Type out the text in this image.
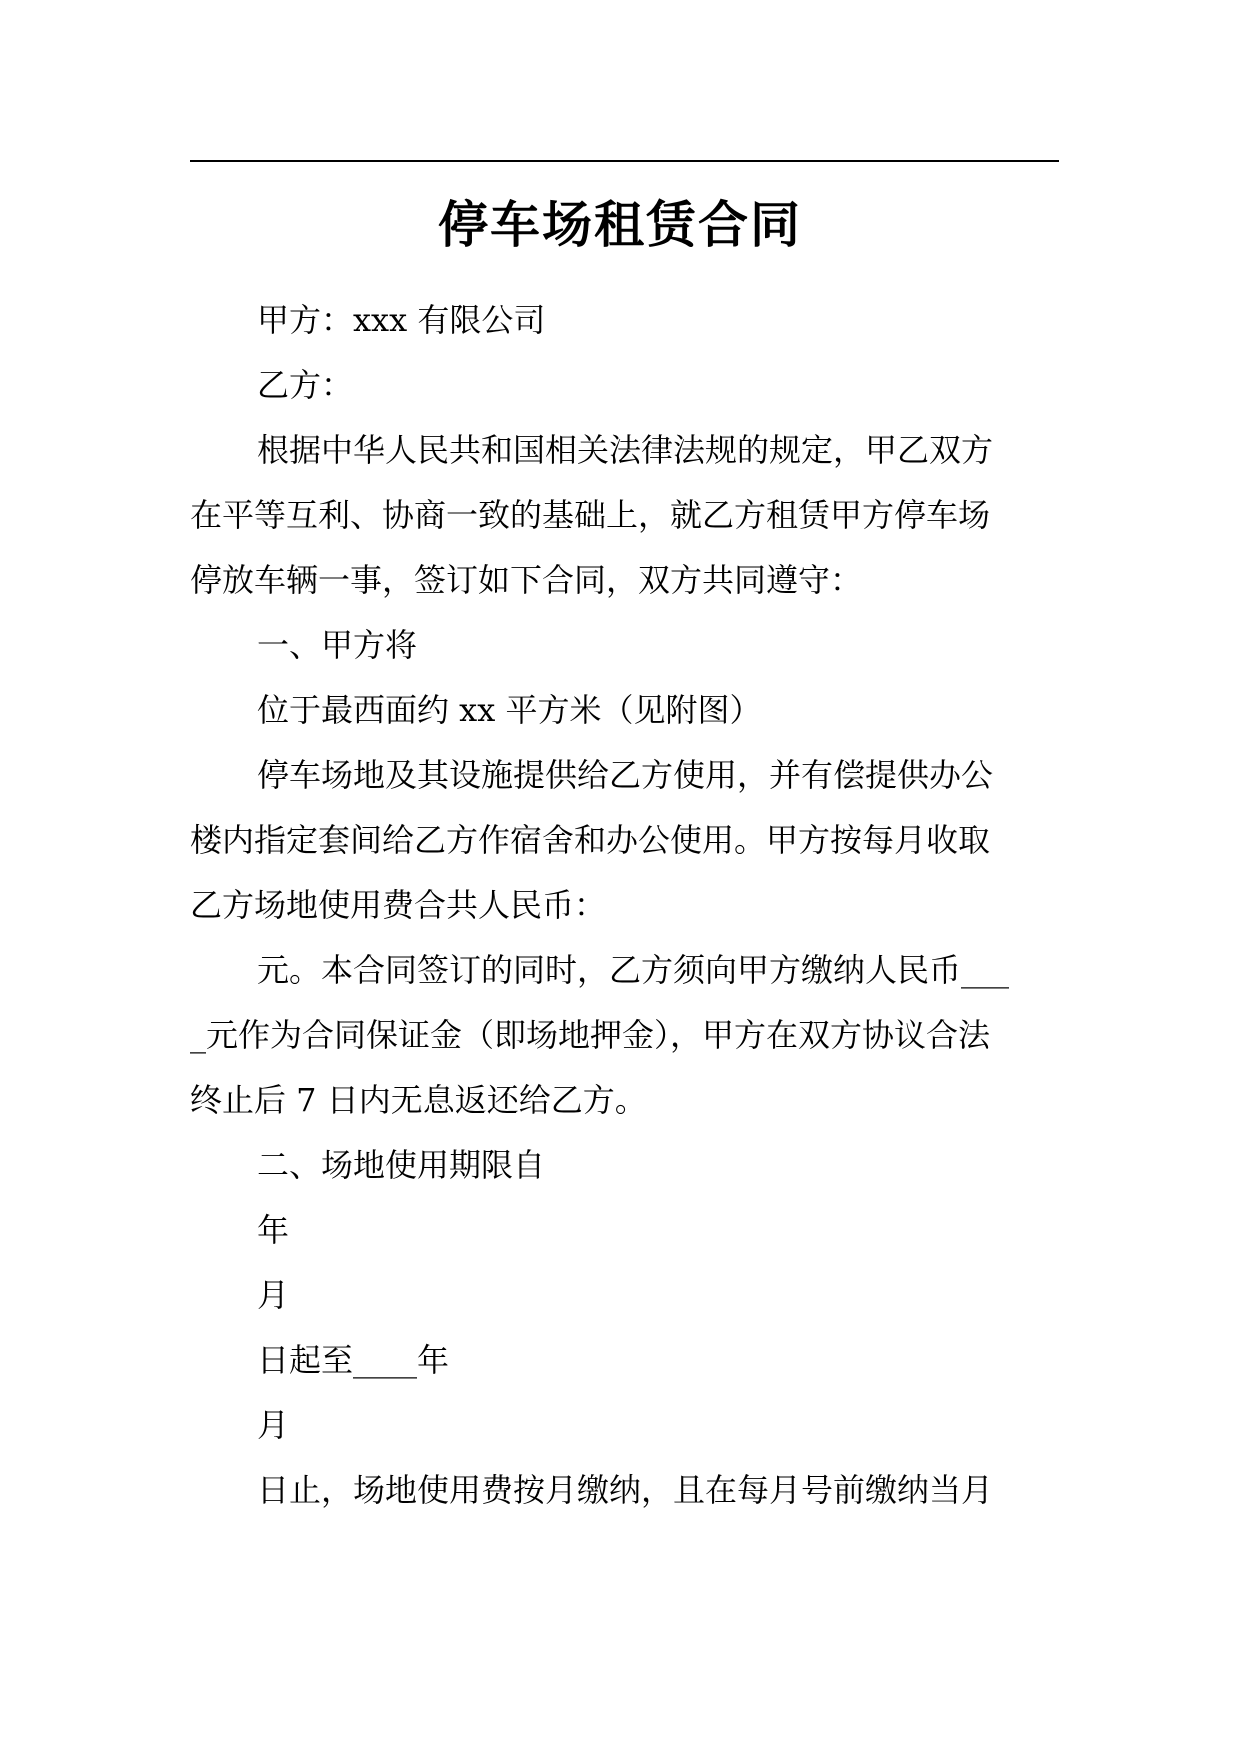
停车场租赁合同
甲方：xxx 有限公司
乙方：
根据中华人民共和国相关法律法规的规定，甲乙双方
在平等互利、协商一致的基础上，就乙方租赁甲方停车场
停放车辆一事，签订如下合同，双方共同遵守：
一、甲方将
位于最西面约 xx 平方米（见附图）
停车场地及其设施提供给乙方使用，并有偿提供办公
楼内指定套间给乙方作宿舍和办公使用。甲方按每月收取
乙方场地使用费合共人民币：
元。本合同签订的同时，乙方须向甲方缴纳人民币___
_元作为合同保证金（即场地押金），甲方在双方协议合法
终止后 7 日内无息返还给乙方。
二、场地使用期限自
年
月
日起至____年
月
日止，场地使用费按月缴纳，且在每月号前缴纳当月
